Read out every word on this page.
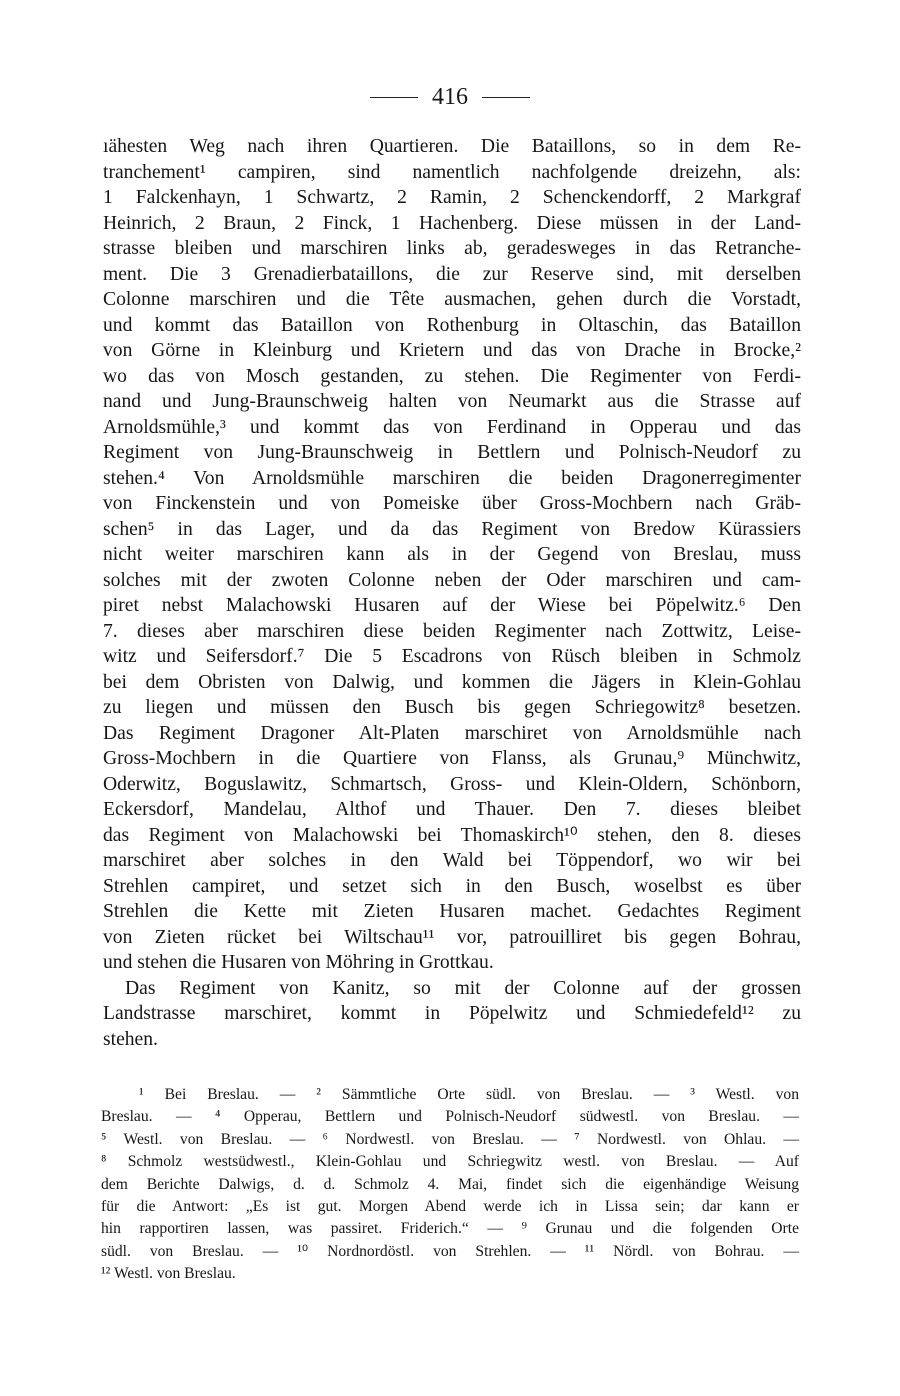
416
ıähesten Weg nach ihren Quartieren. Die Bataillons, so in dem Re-
tranchement¹ campiren, sind namentlich nachfolgende dreizehn, als:
1 Falckenhayn, 1 Schwartz, 2 Ramin, 2 Schenckendorff, 2 Markgraf
Heinrich, 2 Braun, 2 Finck, 1 Hachenberg. Diese müssen in der Land-
strasse bleiben und marschiren links ab, geradesweges in das Retranche-
ment. Die 3 Grenadierbataillons, die zur Reserve sind, mit derselben
Colonne marschiren und die Tête ausmachen, gehen durch die Vorstadt,
und kommt das Bataillon von Rothenburg in Oltaschin, das Bataillon
von Görne in Kleinburg und Krietern und das von Drache in Brocke,²
wo das von Mosch gestanden, zu stehen. Die Regimenter von Ferdi-
nand und Jung-Braunschweig halten von Neumarkt aus die Strasse auf
Arnoldsmühle,³ und kommt das von Ferdinand in Opperau und das
Regiment von Jung-Braunschweig in Bettlern und Polnisch-Neudorf zu
stehen.⁴ Von Arnoldsmühle marschiren die beiden Dragonerregimenter
von Finckenstein und von Pomeiske über Gross-Mochbern nach Gräb-
schen⁵ in das Lager, und da das Regiment von Bredow Kürassiers
nicht weiter marschiren kann als in der Gegend von Breslau, muss
solches mit der zwoten Colonne neben der Oder marschiren und cam-
piret nebst Malachowski Husaren auf der Wiese bei Pöpelwitz.⁶ Den
7. dieses aber marschiren diese beiden Regimenter nach Zottwitz, Leise-
witz und Seifersdorf.⁷ Die 5 Escadrons von Rüsch bleiben in Schmolz
bei dem Obristen von Dalwig, und kommen die Jägers in Klein-Gohlau
zu liegen und müssen den Busch bis gegen Schriegowitz⁸ besetzen.
Das Regiment Dragoner Alt-Platen marschiret von Arnoldsmühle nach
Gross-Mochbern in die Quartiere von Flanss, als Grunau,⁹ Münchwitz,
Oderwitz, Boguslawitz, Schmartsch, Gross- und Klein-Oldern, Schönborn,
Eckersdorf, Mandelau, Althof und Thauer. Den 7. dieses bleibet
das Regiment von Malachowski bei Thomaskirch¹⁰ stehen, den 8. dieses
marschiret aber solches in den Wald bei Töppendorf, wo wir bei
Strehlen campiret, und setzet sich in den Busch, woselbst es über
Strehlen die Kette mit Zieten Husaren machet. Gedachtes Regiment
von Zieten rücket bei Wiltschau¹¹ vor, patrouilliret bis gegen Bohrau,
und stehen die Husaren von Möhring in Grottkau.
Das Regiment von Kanitz, so mit der Colonne auf der grossen
Landstrasse marschiret, kommt in Pöpelwitz und Schmiedefeld¹² zu
stehen.
¹ Bei Breslau. — ² Sämmtliche Orte südl. von Breslau. — ³ Westl. von
Breslau. — ⁴ Opperau, Bettlern und Polnisch-Neudorf südwestl. von Breslau. —
⁵ Westl. von Breslau. — ⁶ Nordwestl. von Breslau. — ⁷ Nordwestl. von Ohlau. —
⁸ Schmolz westsüdwestl., Klein-Gohlau und Schriegwitz westl. von Breslau. — Auf
dem Berichte Dalwigs, d. d. Schmolz 4. Mai, findet sich die eigenhändige Weisung
für die Antwort: „Es ist gut. Morgen Abend werde ich in Lissa sein; dar kann er
hin rapportiren lassen, was passiret. Friderich.“ — ⁹ Grunau und die folgenden Orte
südl. von Breslau. — ¹⁰ Nordnordöstl. von Strehlen. — ¹¹ Nördl. von Bohrau. —
¹² Westl. von Breslau.
